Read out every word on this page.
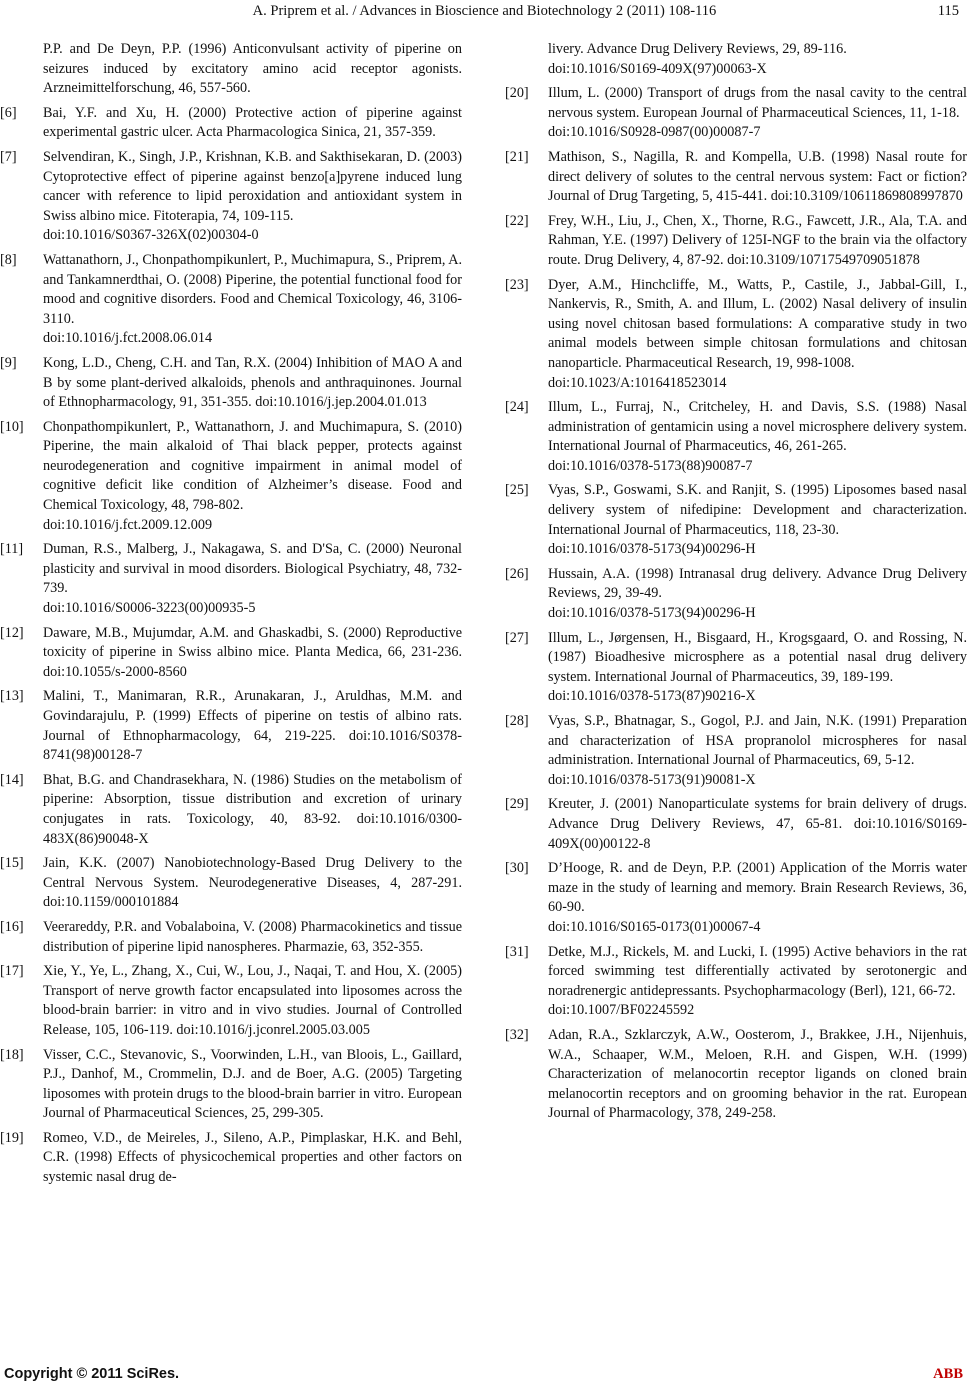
A. Priprem et al. / Advances in Bioscience and Biotechnology 2 (2011) 108-116	115
P.P. and De Deyn, P.P. (1996) Anticonvulsant activity of piperine on seizures induced by excitatory amino acid receptor agonists. Arzneimittelforschung, 46, 557-560.
[6]	Bai, Y.F. and Xu, H. (2000) Protective action of piperine against experimental gastric ulcer. Acta Pharmacologica Sinica, 21, 357-359.
[7]	Selvendiran, K., Singh, J.P., Krishnan, K.B. and Sakthisekaran, D. (2003) Cytoprotective effect of piperine against benzo[a]pyrene induced lung cancer with reference to lipid peroxidation and antioxidant system in Swiss albino mice. Fitoterapia, 74, 109-115.
doi:10.1016/S0367-326X(02)00304-0
[8]	Wattanathorn, J., Chonpathompikunlert, P., Muchimapura, S., Priprem, A. and Tankamnerdthai, O. (2008) Piperine, the potential functional food for mood and cognitive disorders. Food and Chemical Toxicology, 46, 3106-3110.
doi:10.1016/j.fct.2008.06.014
[9]	Kong, L.D., Cheng, C.H. and Tan, R.X. (2004) Inhibition of MAO A and B by some plant-derived alkaloids, phenols and anthraquinones. Journal of Ethnopharmacology, 91, 351-355. doi:10.1016/j.jep.2004.01.013
[10]	Chonpathompikunlert, P., Wattanathorn, J. and Muchimapura, S. (2010) Piperine, the main alkaloid of Thai black pepper, protects against neurodegeneration and cognitive impairment in animal model of cognitive deficit like condition of Alzheimer’s disease. Food and Chemical Toxicology, 48, 798-802.
doi:10.1016/j.fct.2009.12.009
[11]	Duman, R.S., Malberg, J., Nakagawa, S. and D'Sa, C. (2000) Neuronal plasticity and survival in mood disorders. Biological Psychiatry, 48, 732-739.
doi:10.1016/S0006-3223(00)00935-5
[12]	Daware, M.B., Mujumdar, A.M. and Ghaskadbi, S. (2000) Reproductive toxicity of piperine in Swiss albino mice. Planta Medica, 66, 231-236. doi:10.1055/s-2000-8560
[13]	Malini, T., Manimaran, R.R., Arunakaran, J., Aruldhas, M.M. and Govindarajulu, P. (1999) Effects of piperine on testis of albino rats. Journal of Ethnopharmacology, 64, 219-225. doi:10.1016/S0378-8741(98)00128-7
[14]	Bhat, B.G. and Chandrasekhara, N. (1986) Studies on the metabolism of piperine: Absorption, tissue distribution and excretion of urinary conjugates in rats. Toxicology, 40, 83-92. doi:10.1016/0300-483X(86)90048-X
[15]	Jain, K.K. (2007) Nanobiotechnology-Based Drug Delivery to the Central Nervous System. Neurodegenerative Diseases, 4, 287-291. doi:10.1159/000101884
[16]	Veerareddy, P.R. and Vobalaboina, V. (2008) Pharmacokinetics and tissue distribution of piperine lipid nanospheres. Pharmazie, 63, 352-355.
[17]	Xie, Y., Ye, L., Zhang, X., Cui, W., Lou, J., Naqai, T. and Hou, X. (2005) Transport of nerve growth factor encapsulated into liposomes across the blood-brain barrier: in vitro and in vivo studies. Journal of Controlled Release, 105, 106-119. doi:10.1016/j.jconrel.2005.03.005
[18]	Visser, C.C., Stevanovic, S., Voorwinden, L.H., van Bloois, L., Gaillard, P.J., Danhof, M., Crommelin, D.J. and de Boer, A.G. (2005) Targeting liposomes with protein drugs to the blood-brain barrier in vitro. European Journal of Pharmaceutical Sciences, 25, 299-305.
[19]	Romeo, V.D., de Meireles, J., Sileno, A.P., Pimplaskar, H.K. and Behl, C.R. (1998) Effects of physicochemical properties and other factors on systemic nasal drug de-
livery. Advance Drug Delivery Reviews, 29, 89-116.
doi:10.1016/S0169-409X(97)00063-X
[20]	Illum, L. (2000) Transport of drugs from the nasal cavity to the central nervous system. European Journal of Pharmaceutical Sciences, 11, 1-18.
doi:10.1016/S0928-0987(00)00087-7
[21]	Mathison, S., Nagilla, R. and Kompella, U.B. (1998) Nasal route for direct delivery of solutes to the central nervous system: Fact or fiction? Journal of Drug Targeting, 5, 415-441. doi:10.3109/10611869808997870
[22]	Frey, W.H., Liu, J., Chen, X., Thorne, R.G., Fawcett, J.R., Ala, T.A. and Rahman, Y.E. (1997) Delivery of 125I-NGF to the brain via the olfactory route. Drug Delivery, 4, 87-92. doi:10.3109/10717549709051878
[23]	Dyer, A.M., Hinchcliffe, M., Watts, P., Castile, J., Jabbal-Gill, I., Nankervis, R., Smith, A. and Illum, L. (2002) Nasal delivery of insulin using novel chitosan based formulations: A comparative study in two animal models between simple chitosan formulations and chitosan nanoparticle. Pharmaceutical Research, 19, 998-1008.
doi:10.1023/A:1016418523014
[24]	Illum, L., Furraj, N., Critcheley, H. and Davis, S.S. (1988) Nasal administration of gentamicin using a novel microsphere delivery system. International Journal of Pharmaceutics, 46, 261-265.
doi:10.1016/0378-5173(88)90087-7
[25]	Vyas, S.P., Goswami, S.K. and Ranjit, S. (1995) Liposomes based nasal delivery system of nifedipine: Development and characterization. International Journal of Pharmaceutics, 118, 23-30.
doi:10.1016/0378-5173(94)00296-H
[26]	Hussain, A.A. (1998) Intranasal drug delivery. Advance Drug Delivery Reviews, 29, 39-49.
doi:10.1016/0378-5173(94)00296-H
[27]	Illum, L., Jørgensen, H., Bisgaard, H., Krogsgaard, O. and Rossing, N. (1987) Bioadhesive microsphere as a potential nasal drug delivery system. International Journal of Pharmaceutics, 39, 189-199.
doi:10.1016/0378-5173(87)90216-X
[28]	Vyas, S.P., Bhatnagar, S., Gogol, P.J. and Jain, N.K. (1991) Preparation and characterization of HSA propranolol microspheres for nasal administration. International Journal of Pharmaceutics, 69, 5-12.
doi:10.1016/0378-5173(91)90081-X
[29]	Kreuter, J. (2001) Nanoparticulate systems for brain delivery of drugs. Advance Drug Delivery Reviews, 47, 65-81. doi:10.1016/S0169-409X(00)00122-8
[30]	D’Hooge, R. and de Deyn, P.P. (2001) Application of the Morris water maze in the study of learning and memory. Brain Research Reviews, 36, 60-90.
doi:10.1016/S0165-0173(01)00067-4
[31]	Detke, M.J., Rickels, M. and Lucki, I. (1995) Active behaviors in the rat forced swimming test differentially activated by serotonergic and noradrenergic antidepressants. Psychopharmacology (Berl), 121, 66-72.
doi:10.1007/BF02245592
[32]	Adan, R.A., Szklarczyk, A.W., Oosterom, J., Brakkee, J.H., Nijenhuis, W.A., Schaaper, W.M., Meloen, R.H. and Gispen, W.H. (1999) Characterization of melanocortin receptor ligands on cloned brain melanocortin receptors and on grooming behavior in the rat. European Journal of Pharmacology, 378, 249-258.
Copyright © 2011 SciRes.	ABB
